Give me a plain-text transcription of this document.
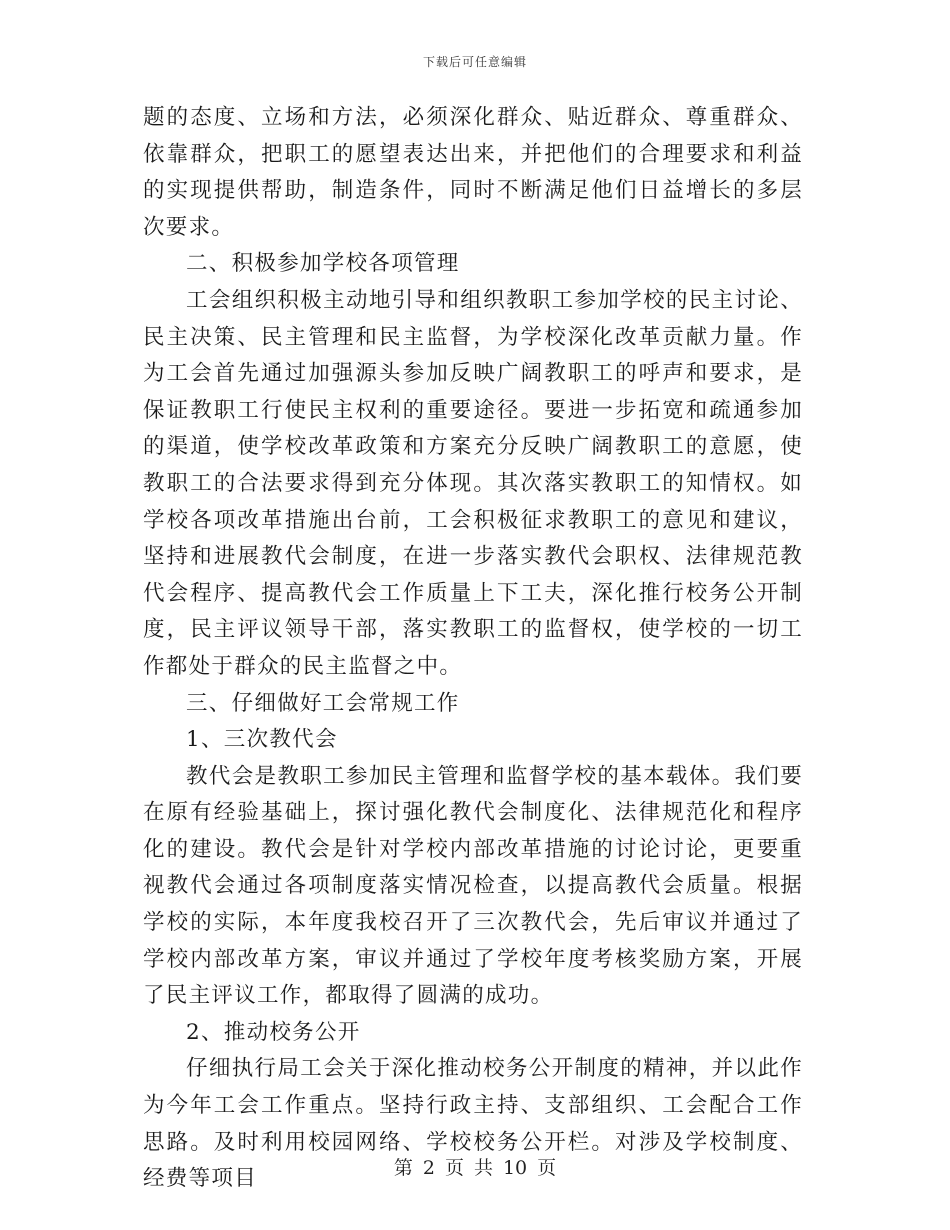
下载后可任意编辑

题的态度、立场和方法，必须深化群众、贴近群众、尊重群众、依靠群众，把职工的愿望表达出来，并把他们的合理要求和利益的实现提供帮助，制造条件，同时不断满足他们日益增长的多层次要求。

二、积极参加学校各项管理

工会组织积极主动地引导和组织教职工参加学校的民主讨论、民主决策、民主管理和民主监督，为学校深化改革贡献力量。作为工会首先通过加强源头参加反映广阔教职工的呼声和要求，是保证教职工行使民主权利的重要途径。要进一步拓宽和疏通参加的渠道，使学校改革政策和方案充分反映广阔教职工的意愿，使教职工的合法要求得到充分体现。其次落实教职工的知情权。如学校各项改革措施出台前，工会积极征求教职工的意见和建议，坚持和进展教代会制度，在进一步落实教代会职权、法律规范教代会程序、提高教代会工作质量上下工夫，深化推行校务公开制度，民主评议领导干部，落实教职工的监督权，使学校的一切工作都处于群众的民主监督之中。

三、仔细做好工会常规工作

1、三次教代会

教代会是教职工参加民主管理和监督学校的基本载体。我们要在原有经验基础上，探讨强化教代会制度化、法律规范化和程序化的建设。教代会是针对学校内部改革措施的讨论讨论，更要重视教代会通过各项制度落实情况检查，以提高教代会质量。根据学校的实际，本年度我校召开了三次教代会，先后审议并通过了学校内部改革方案，审议并通过了学校年度考核奖励方案，开展了民主评议工作，都取得了圆满的成功。

2、推动校务公开

仔细执行局工会关于深化推动校务公开制度的精神，并以此作为今年工会工作重点。坚持行政主持、支部组织、工会配合工作思路。及时利用校园网络、学校校务公开栏。对涉及学校制度、经费等项目	第 2 页 共 10 页
